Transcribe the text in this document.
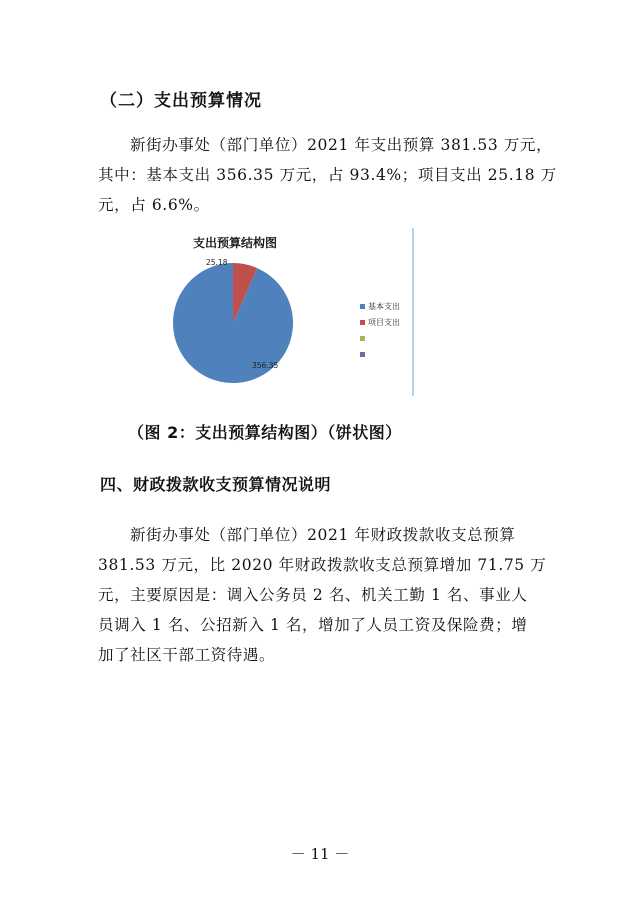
（二）支出预算情况
新街办事处（部门单位）2021 年支出预算 381.53 万元，
其中：基本支出 356.35 万元，占 93.4%；项目支出 25.18 万
元，占 6.6%。
支出预算结构图
356.35
25.18
基本支出
项目支出
（图 2：支出预算结构图）（饼状图）
四、财政拨款收支预算情况说明
新街办事处（部门单位）2021 年财政拨款收支总预算
381.53 万元，比 2020 年财政拨款收支总预算增加 71.75 万
元，主要原因是：调入公务员 2 名、机关工勤 1 名、事业人
员调入 1 名、公招新入 1 名，增加了人员工资及保险费；增
加了社区干部工资待遇。
－ 11 －
